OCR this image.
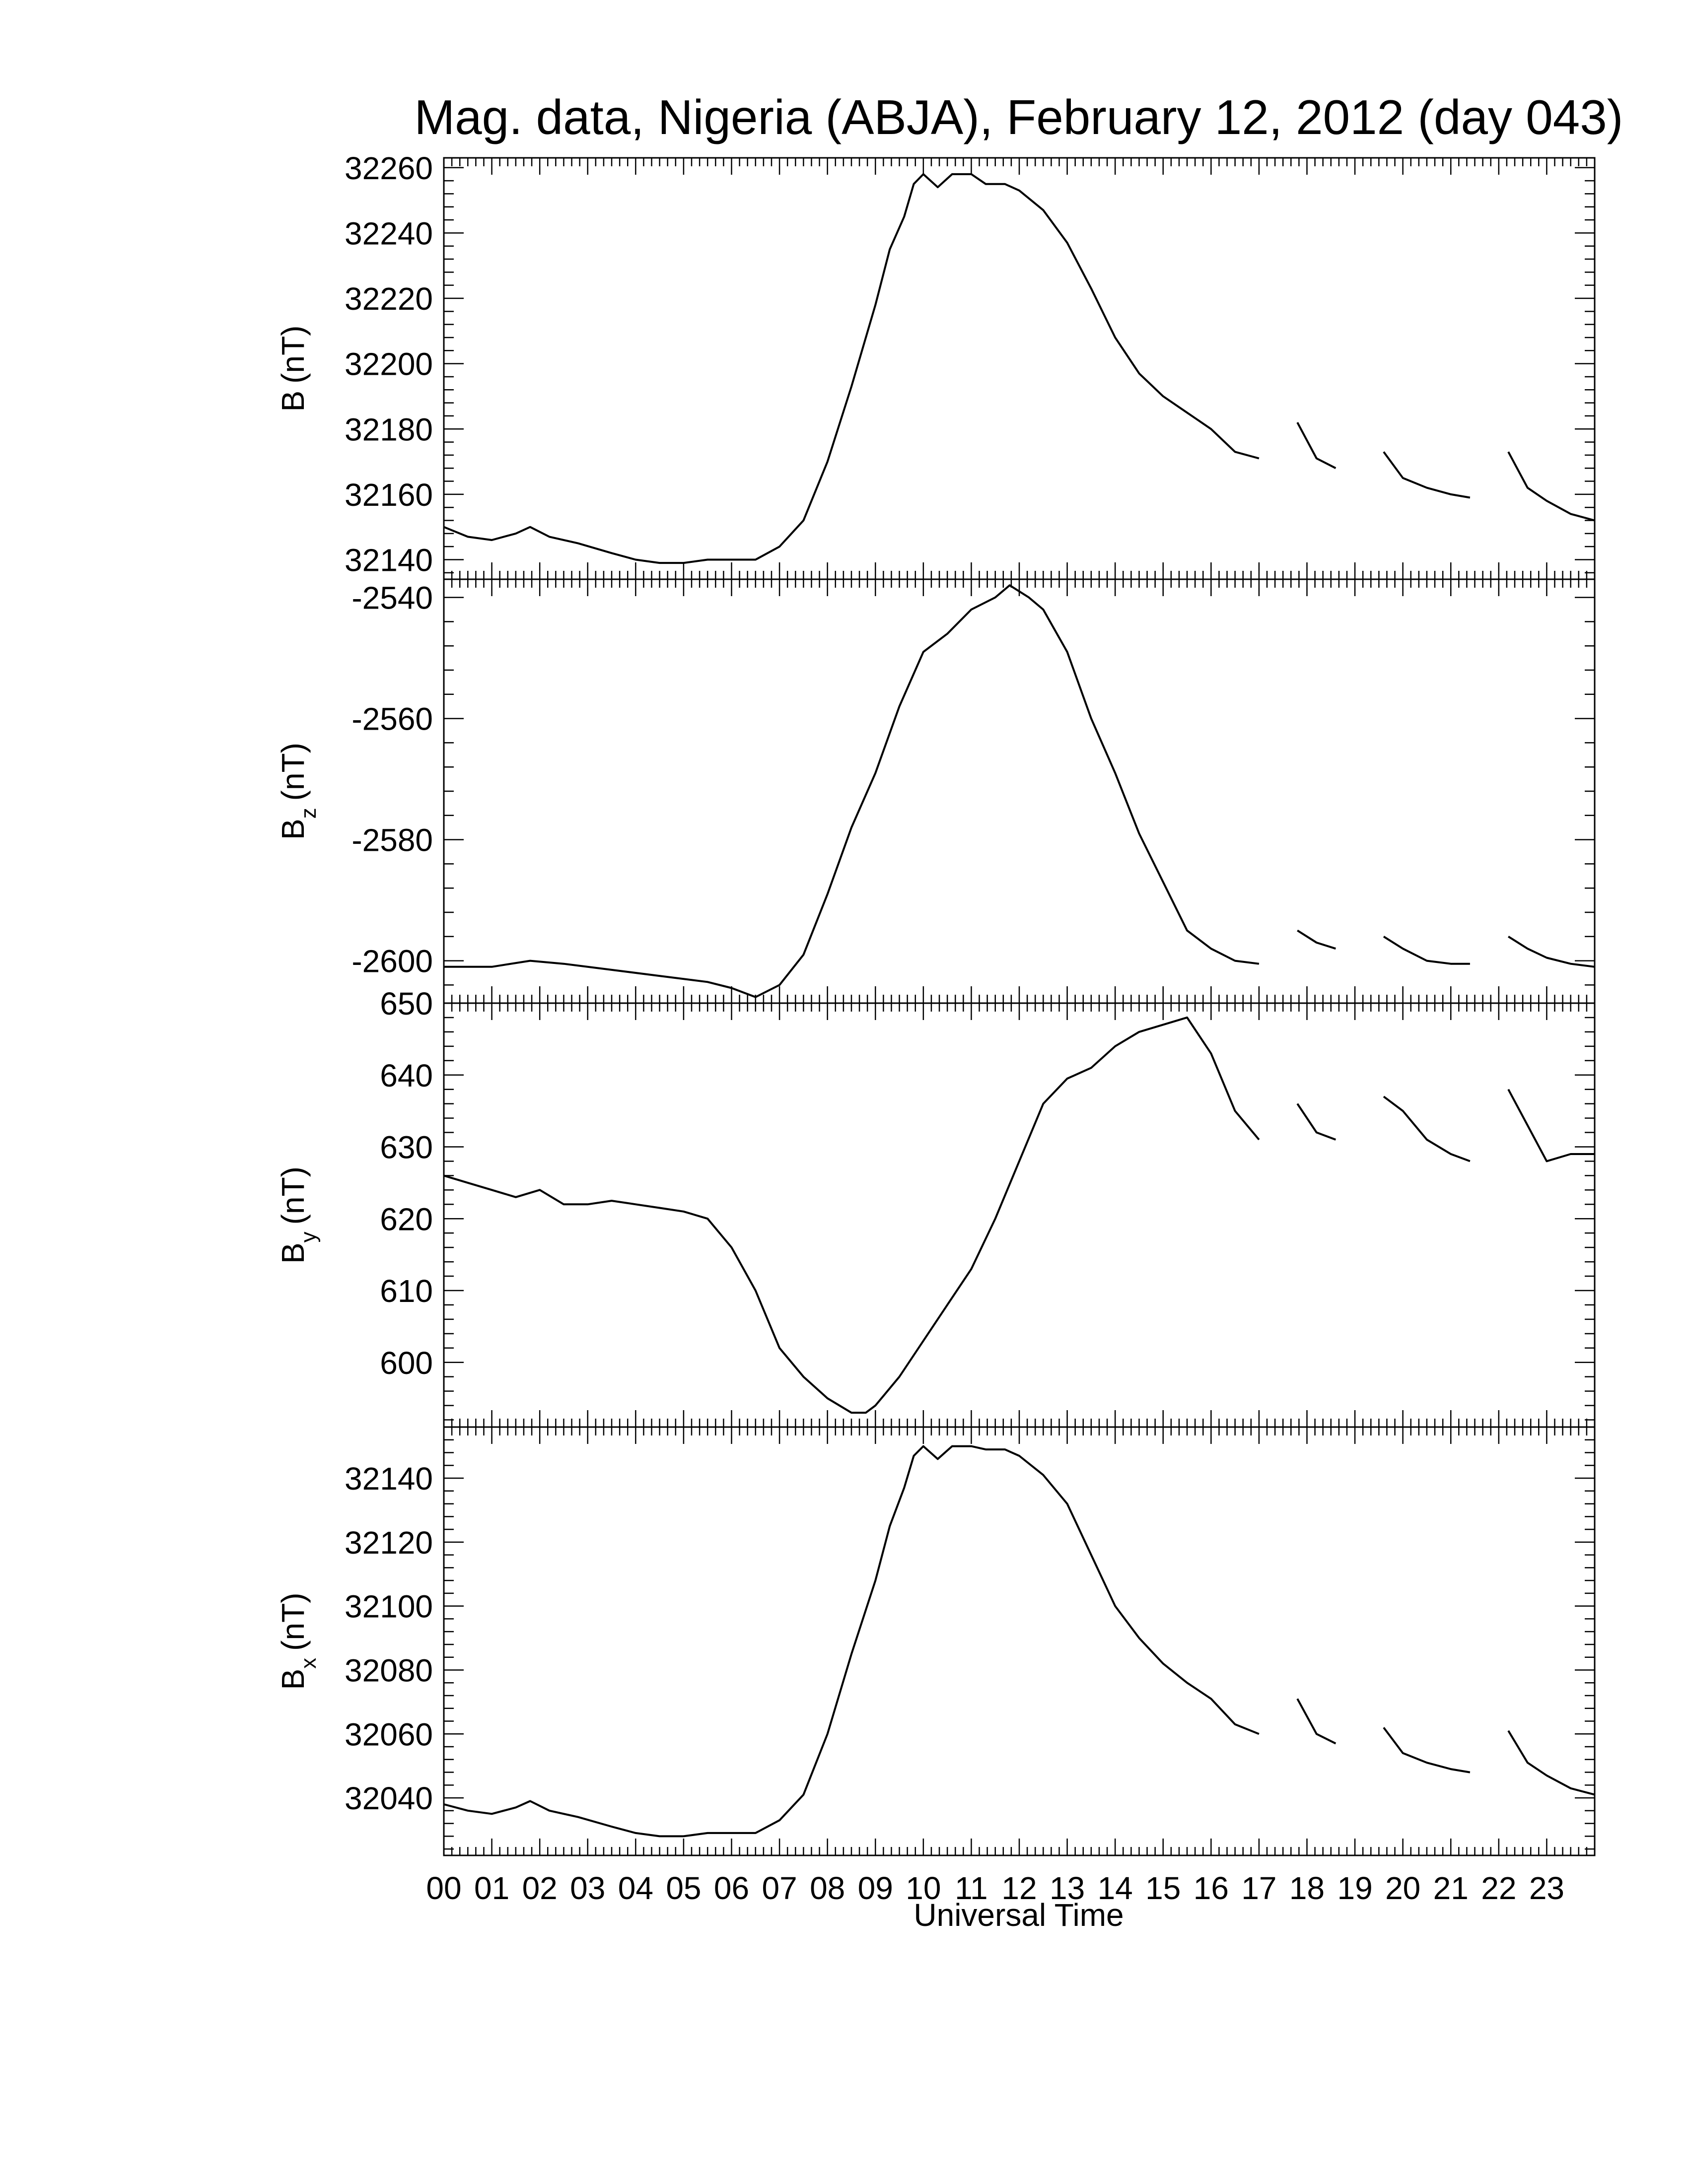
Mag. data, Nigeria (ABJA), February 12, 2012 (day 043)
32140
32160
32180
32200
32220
32240
32260
B(nT)
-2600
-2580
-2560
-2540
$B_z(nT)$
600
610
620
630
640
650
$B_y(nT)$
32040
32060
32080
32100
32120
32140
$B_x(nT)$
00 01 02 03 04 05 06 07 08 09 10 11 12 13 14 15 16 17 18 19 20 21 22 23
Universal Time
